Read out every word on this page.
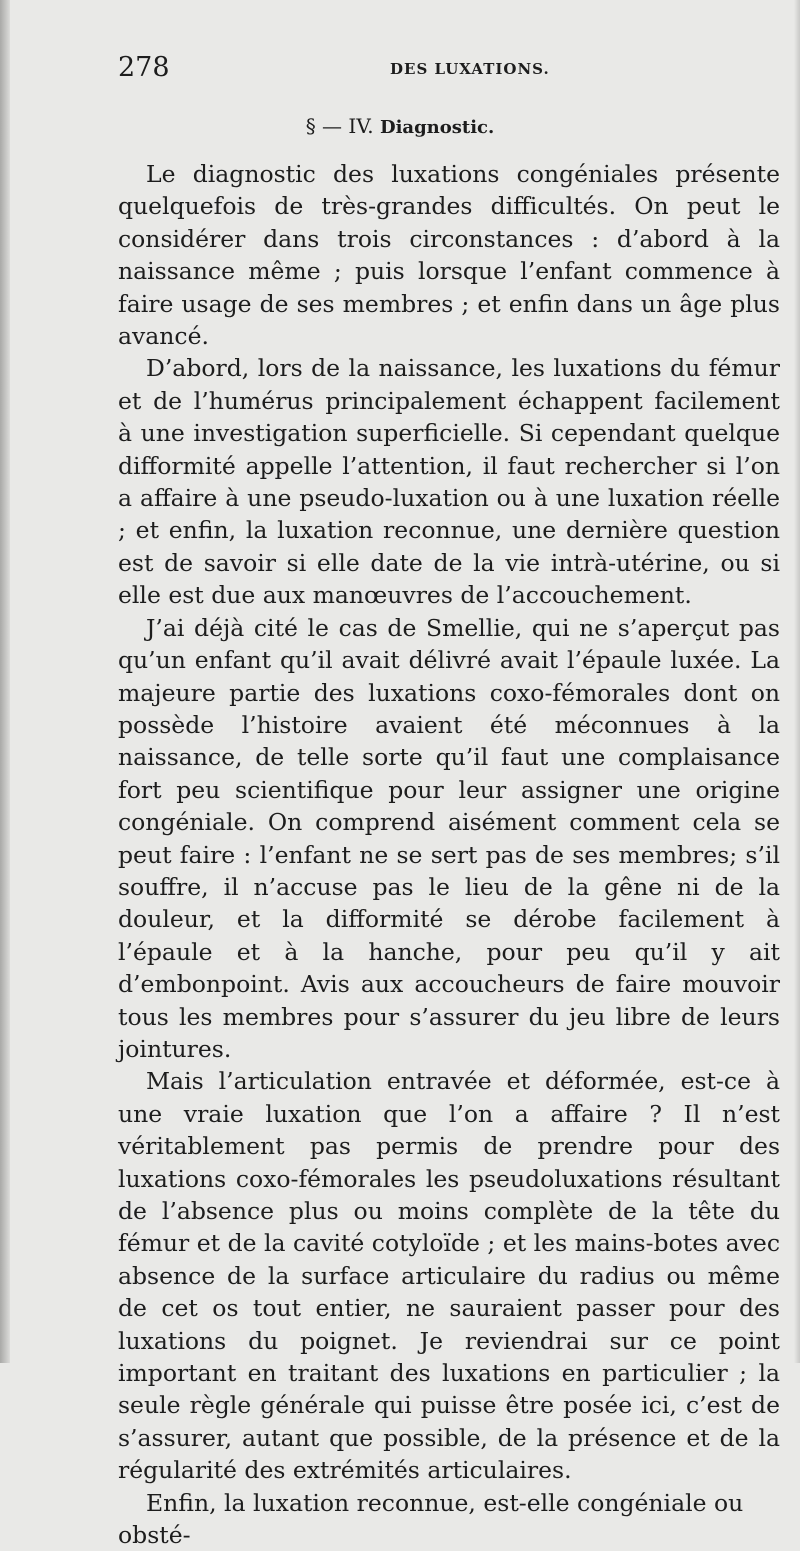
278	DES LUXATIONS.
§ — IV. Diagnostic.

Le diagnostic des luxations congéniales présente quelquefois de très-grandes difficultés. On peut le considérer dans trois circonstances : d’abord à la naissance même ; puis lorsque l’enfant commence à faire usage de ses membres ; et enfin dans un âge plus avancé.

D’abord, lors de la naissance, les luxations du fémur et de l’humérus principalement échappent facilement à une investigation superficielle. Si cependant quelque difformité appelle l’attention, il faut rechercher si l’on a affaire à une pseudo-luxation ou à une luxation réelle ; et enfin, la luxation reconnue, une dernière question est de savoir si elle date de la vie intrà-utérine, ou si elle est due aux manœuvres de l’accouchement.

J’ai déjà cité le cas de Smellie, qui ne s’aperçut pas qu’un enfant qu’il avait délivré avait l’épaule luxée. La majeure partie des luxations coxo-fémorales dont on possède l’histoire avaient été méconnues à la naissance, de telle sorte qu’il faut une complaisance fort peu scientifique pour leur assigner une origine congéniale. On comprend aisément comment cela se peut faire : l’enfant ne se sert pas de ses membres; s’il souffre, il n’accuse pas le lieu de la gêne ni de la douleur, et la difformité se dérobe facilement à l’épaule et à la hanche, pour peu qu’il y ait d’embonpoint. Avis aux accoucheurs de faire mouvoir tous les membres pour s’assurer du jeu libre de leurs jointures.

Mais l’articulation entravée et déformée, est-ce à une vraie luxation que l’on a affaire ? Il n’est véritablement pas permis de prendre pour des luxations coxo-fémorales les pseudoluxations résultant de l’absence plus ou moins complète de la tête du fémur et de la cavité cotyloïde ; et les mains-botes avec absence de la surface articulaire du radius ou même de cet os tout entier, ne sauraient passer pour des luxations du poignet. Je reviendrai sur ce point important en traitant des luxations en particulier ; la seule règle générale qui puisse être posée ici, c’est de s’assurer, autant que possible, de la présence et de la régularité des extrémités articulaires.

Enfin, la luxation reconnue, est-elle congéniale ou obsté-
